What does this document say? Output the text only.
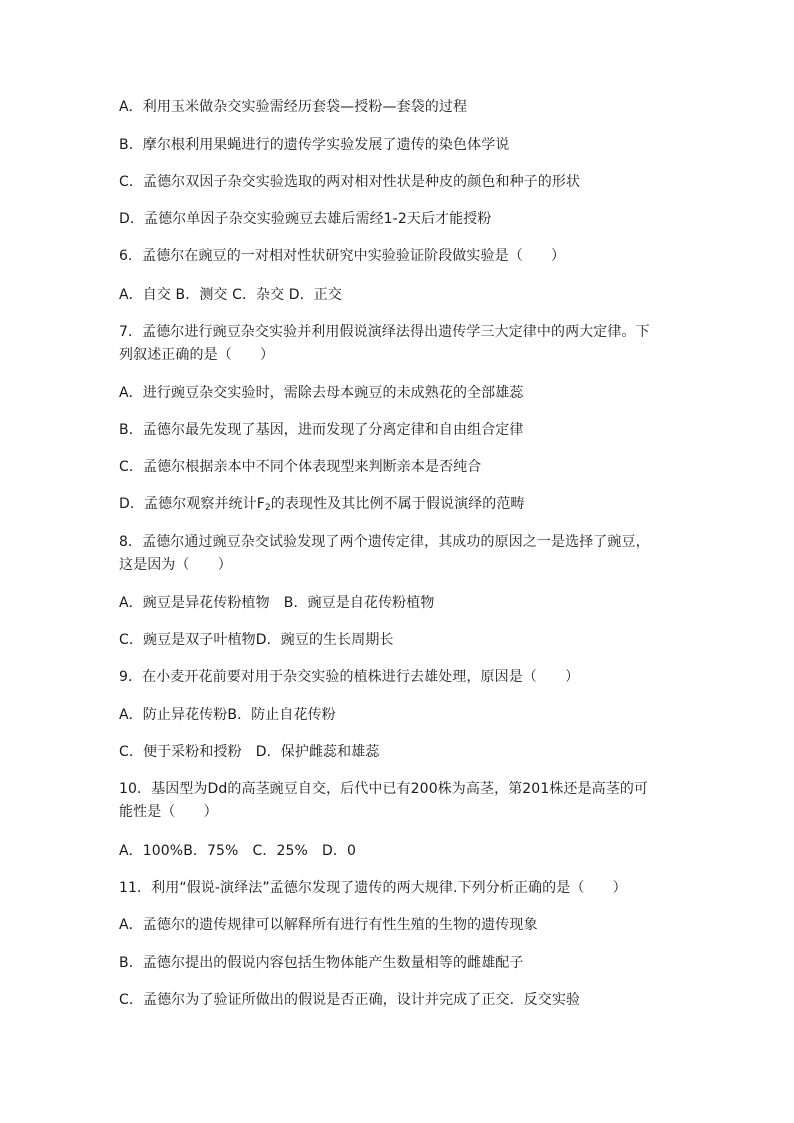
A．利用玉米做杂交实验需经历套袋—授粉—套袋的过程
B．摩尔根利用果蝇进行的遗传学实验发展了遗传的染色体学说
C．孟德尔双因子杂交实验选取的两对相对性状是种皮的颜色和种子的形状
D．孟德尔单因子杂交实验豌豆去雄后需经1-2天后才能授粉
6．孟德尔在豌豆的一对相对性状研究中实验验证阶段做实验是（　　）
A．自交 B．测交 C．杂交 D．正交
7．孟德尔进行豌豆杂交实验并利用假说演绎法得出遗传学三大定律中的两大定律。下
列叙述正确的是（　　）
A．进行豌豆杂交实验时，需除去母本豌豆的未成熟花的全部雄蕊
B．孟德尔最先发现了基因，进而发现了分离定律和自由组合定律
C．孟德尔根据亲本中不同个体表现型来判断亲本是否纯合
D．孟德尔观察并统计$F_2$的表现性及其比例不属于假说演绎的范畴
8．孟德尔通过豌豆杂交试验发现了两个遗传定律，其成功的原因之一是选择了豌豆，
这是因为（　　）
A．豌豆是异花传粉植物　B．豌豆是自花传粉植物
C．豌豆是双子叶植物D．豌豆的生长周期长
9．在小麦开花前要对用于杂交实验的植株进行去雄处理，原因是（　　）
A．防止异花传粉B．防止自花传粉
C．便于采粉和授粉　D．保护雌蕊和雄蕊
10．基因型为Dd的高茎豌豆自交，后代中已有200株为高茎，第201株还是高茎的可
能性是（　　）
A．100%B．75%　C．25%　D．0
11．利用“假说-演绎法”孟德尔发现了遗传的两大规律.下列分析正确的是（　　）
A．孟德尔的遗传规律可以解释所有进行有性生殖的生物的遗传现象
B．孟德尔提出的假说内容包括生物体能产生数量相等的雌雄配子
C．孟德尔为了验证所做出的假说是否正确，设计并完成了正交．反交实验
